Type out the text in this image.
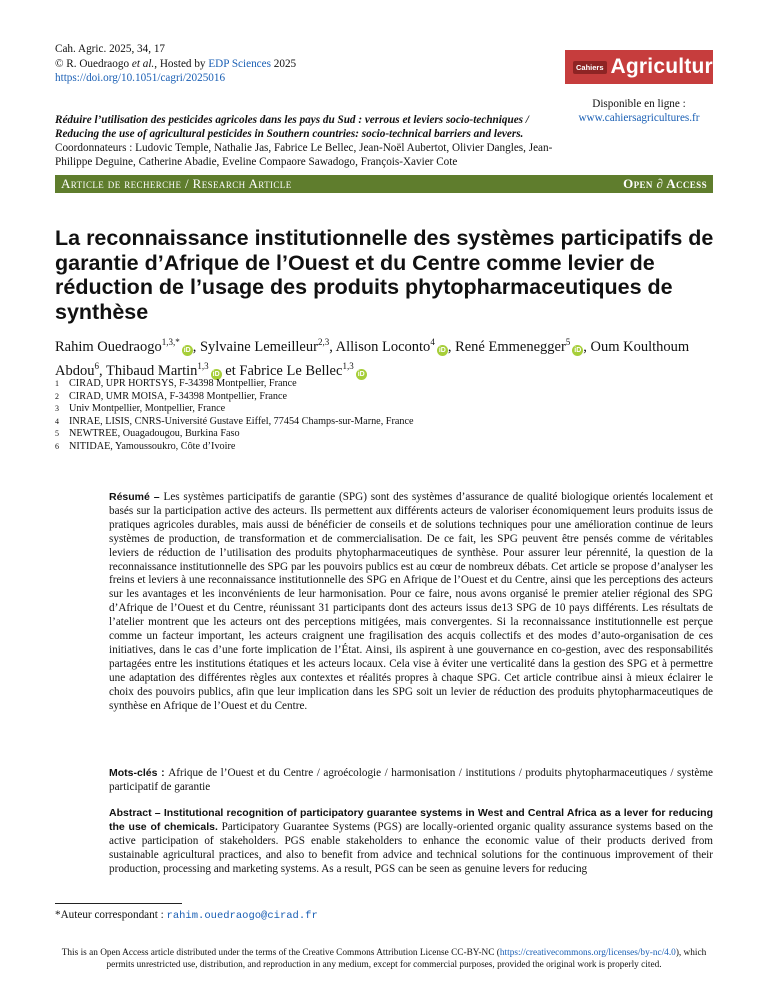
Cah. Agric. 2025, 34, 17
© R. Ouedraogo et al., Hosted by EDP Sciences 2025
https://doi.org/10.1051/cagri/2025016
Cahiers Agricultures
Disponible en ligne :
www.cahiersagricultures.fr
Réduire l’utilisation des pesticides agricoles dans les pays du Sud : verrous et leviers socio-techniques / Reducing the use of agricultural pesticides in Southern countries: socio-technical barriers and levers.
Coordonnateurs : Ludovic Temple, Nathalie Jas, Fabrice Le Bellec, Jean-Noël Aubertot, Olivier Dangles, Jean-Philippe Deguine, Catherine Abadie, Eveline Compaore Sawadogo, François-Xavier Cote
Article de recherche / Research Article	Open ∂ Access
La reconnaissance institutionnelle des systèmes participatifs de garantie d’Afrique de l’Ouest et du Centre comme levier de réduction de l’usage des produits phytopharmaceutiques de synthèse
Rahim Ouedraogo$^{1,3,*}$iD , Sylvaine Lemeilleur$^{2,3}$, Allison Loconto$^4$iD , René Emmenegger$^5$iD , Oum Koulthoum Abdou$^6$, Thibaud Martin$^{1,3}$iD et Fabrice Le Bellec$^{1,3}$iD
1 CIRAD, UPR HORTSYS, F-34398 Montpellier, France
2 CIRAD, UMR MOISA, F-34398 Montpellier, France
3 Univ Montpellier, Montpellier, France
4 INRAE, LISIS, CNRS-Université Gustave Eiffel, 77454 Champs-sur-Marne, France
5 NEWTREE, Ouagadougou, Burkina Faso
6 NITIDAE, Yamoussoukro, Côte d’Ivoire

Résumé – Les systèmes participatifs de garantie (SPG) sont des systèmes d’assurance de qualité biologique orientés localement et basés sur la participation active des acteurs. Ils permettent aux différents acteurs de valoriser économiquement leurs produits issus de pratiques agricoles durables, mais aussi de bénéficier de conseils et de solutions techniques pour une amélioration continue de leurs systèmes de production, de transformation et de commercialisation. De ce fait, les SPG peuvent être pensés comme de véritables leviers de réduction de l’utilisation des produits phytopharmaceutiques de synthèse. Pour assurer leur pérennité, la question de la reconnaissance institutionnelle des SPG par les pouvoirs publics est au cœur de nombreux débats. Cet article se propose d’analyser les freins et leviers à une reconnaissance institutionnelle des SPG en Afrique de l’Ouest et du Centre, ainsi que les perceptions des acteurs sur les avantages et les inconvénients de leur harmonisation. Pour ce faire, nous avons organisé le premier atelier régional des SPG d’Afrique de l’Ouest et du Centre, réunissant 31 participants dont des acteurs issus de13 SPG de 10 pays différents. Les résultats de l’atelier montrent que les acteurs ont des perceptions mitigées, mais convergentes. Si la reconnaissance institutionnelle est perçue comme un facteur important, les acteurs craignent une fragilisation des acquis collectifs et des modes d’auto-organisation de ces initiatives, dans le cas d’une forte implication de l’État. Ainsi, ils aspirent à une gouvernance en co-gestion, avec des responsabilités partagées entre les institutions étatiques et les acteurs locaux. Cela vise à éviter une verticalité dans la gestion des SPG et à permettre une adaptation des différentes règles aux contextes et réalités propres à chaque SPG. Cet article contribue ainsi à mieux éclairer le choix des pouvoirs publics, afin que leur implication dans les SPG soit un levier de réduction des produits phytopharmaceutiques de synthèse en Afrique de l’Ouest et du Centre.

Mots-clés : Afrique de l’Ouest et du Centre / agroécologie / harmonisation / institutions / produits phytopharmaceutiques / système participatif de garantie
Abstract – Institutional recognition of participatory guarantee systems in West and Central Africa as a lever for reducing the use of chemicals. Participatory Guarantee Systems (PGS) are locally-oriented organic quality assurance systems based on the active participation of stakeholders. PGS enable stakeholders to enhance the economic value of their products derived from sustainable agricultural practices, and also to benefit from advice and technical solutions for the continuous improvement of their production, processing and marketing systems. As a result, PGS can be seen as genuine levers for reducing
*Auteur correspondant : rahim.ouedraogo@cirad.fr
This is an Open Access article distributed under the terms of the Creative Commons Attribution License CC-BY-NC (https://creativecommons.org/licenses/by-nc/4.0), which permits unrestricted use, distribution, and reproduction in any medium, except for commercial purposes, provided the original work is properly cited.
